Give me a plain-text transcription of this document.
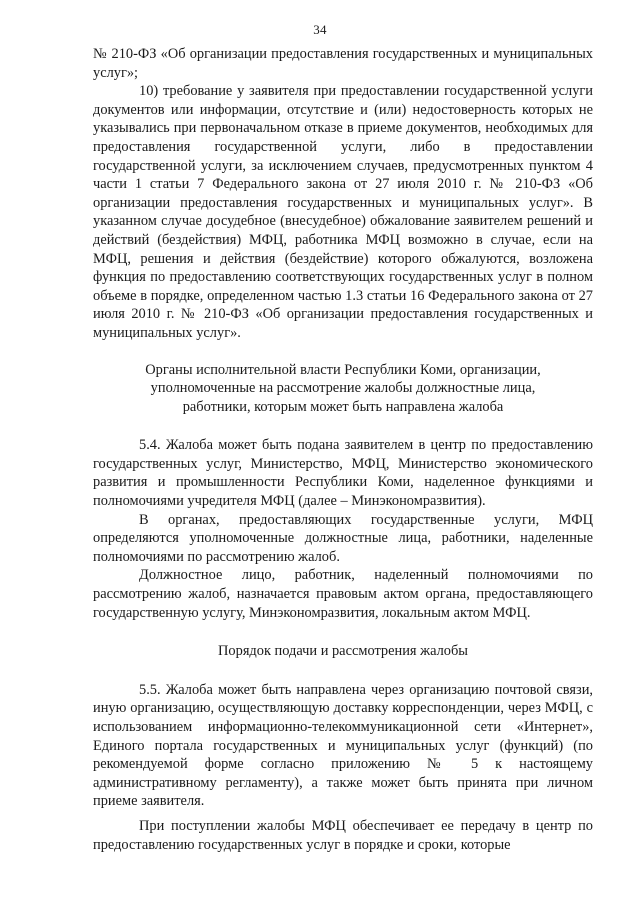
34

№ 210-ФЗ «Об организации предоставления государственных и муниципальных услуг»;

10) требование у заявителя при предоставлении государственной услуги документов или информации, отсутствие и (или) недостоверность которых не указывались при первоначальном отказе в приеме документов, необходимых для предоставления государственной услуги, либо в предоставлении государственной услуги, за исключением случаев, предусмотренных пунктом 4 части 1 статьи 7 Федерального закона от 27 июля 2010 г. № 210-ФЗ «Об организации предоставления государственных и муниципальных услуг». В указанном случае досудебное (внесудебное) обжалование заявителем решений и действий (бездействия) МФЦ, работника МФЦ возможно в случае, если на МФЦ, решения и действия (бездействие) которого обжалуются, возложена функция по предоставлению соответствующих государственных услуг в полном объеме в порядке, определенном частью 1.3 статьи 16 Федерального закона от 27 июля 2010 г. № 210-ФЗ «Об организации предоставления государственных и муниципальных услуг».

Органы исполнительной власти Республики Коми, организации,
уполномоченные на рассмотрение жалобы должностные лица,
работники, которым может быть направлена жалоба

5.4. Жалоба может быть подана заявителем в центр по предоставлению государственных услуг, Министерство, МФЦ, Министерство экономического развития и промышленности Республики Коми, наделенное функциями и полномочиями учредителя МФЦ (далее – Минэкономразвития).

В органах, предоставляющих государственные услуги, МФЦ определяются уполномоченные должностные лица, работники, наделенные полномочиями по рассмотрению жалоб.

Должностное лицо, работник, наделенный полномочиями по рассмотрению жалоб, назначается правовым актом органа, предоставляющего государственную услугу, Минэкономразвития, локальным актом МФЦ.

Порядок подачи и рассмотрения жалобы

5.5. Жалоба может быть направлена через организацию почтовой связи, иную организацию, осуществляющую доставку корреспонденции, через МФЦ, с использованием информационно-телекоммуникационной сети «Интернет», Единого портала государственных и муниципальных услуг (функций) (по рекомендуемой форме согласно приложению № 5 к настоящему административному регламенту), а также может быть принята при личном приеме заявителя.

При поступлении жалобы МФЦ обеспечивает ее передачу в центр по предоставлению государственных услуг в порядке и сроки, которые
